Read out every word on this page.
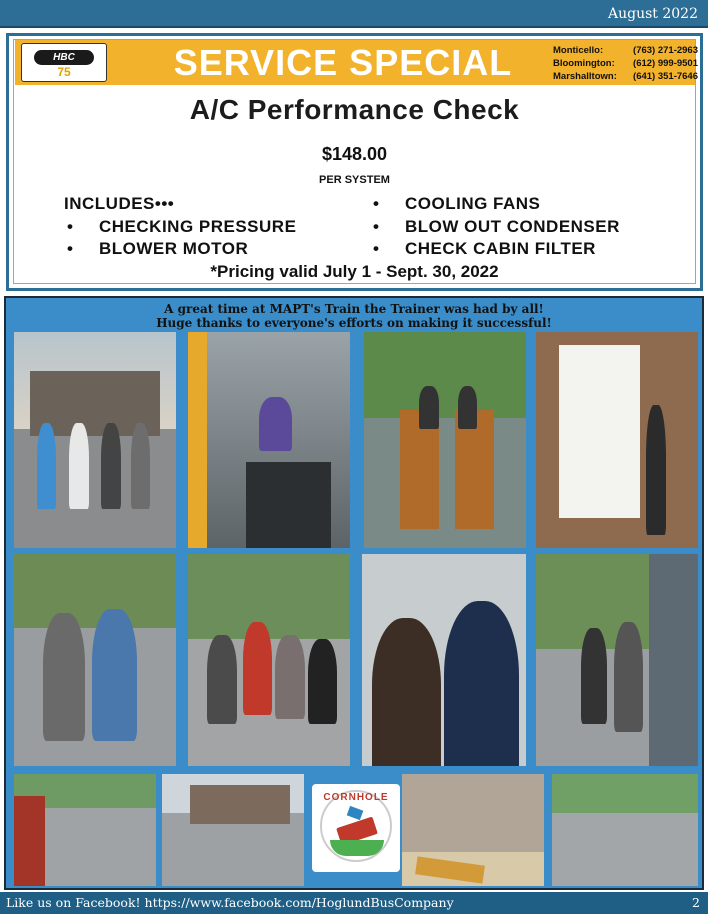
August 2022
HBC
75	SERVICE SPECIAL	Monticello:	(763) 271-2963
Bloomington: (612) 999-9501
Marshalltown: (641) 351-7646
A/C Performance Check
$148.00
PER SYSTEM
INCLUDES•••
• CHECKING PRESSURE
• BLOWER MOTOR
• COOLING FANS
• BLOW OUT CONDENSER
• CHECK CABIN FILTER
*Pricing valid July 1 - Sept. 30, 2022
A great time at MAPT's Train the Trainer was had by all!
Huge thanks to everyone's efforts on making it successful!
CORNHOLE
Like us on Facebook! https://www.facebook.com/HoglundBusCompany	2
